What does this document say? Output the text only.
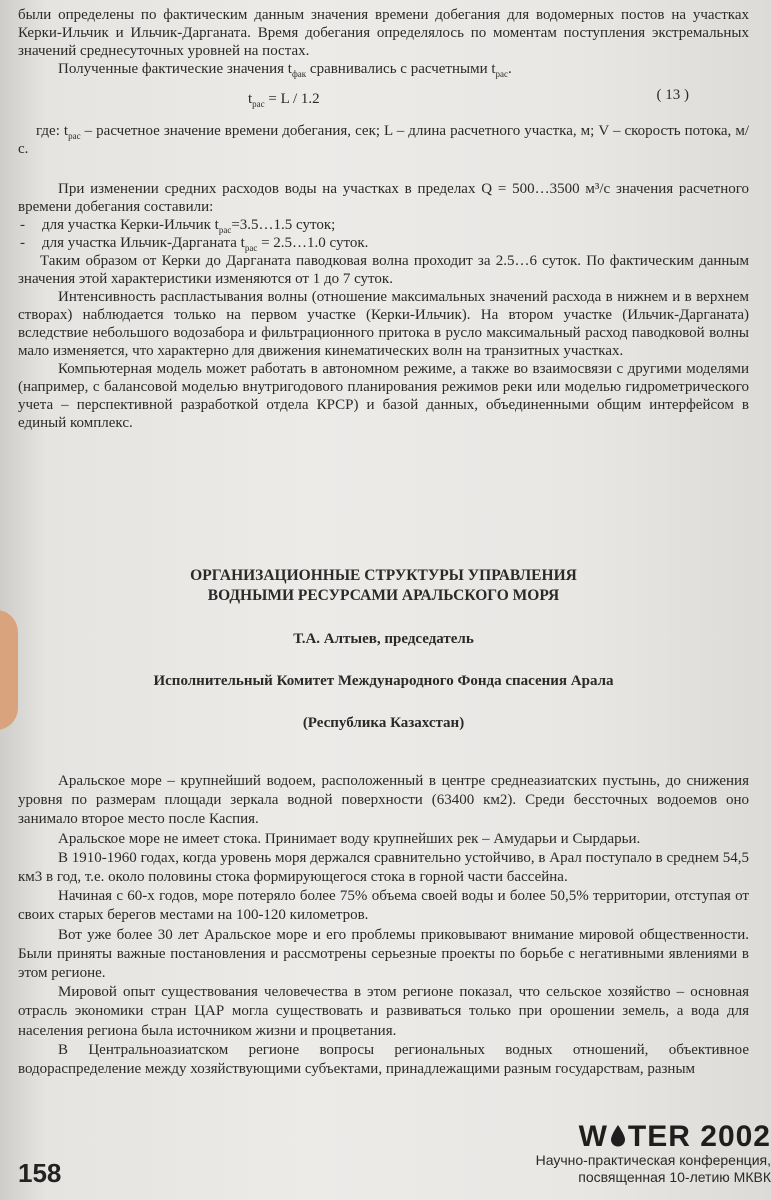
были определены по фактическим данным значения времени добегания для водомерных постов на участках Керки-Ильчик и Ильчик-Дарганата. Время добегания определялось по моментам поступления экстремальных значений среднесуточных уровней на постах.

Полученные фактические значения $t_{фак}$ сравнивались с расчетными $t_{рас}$.

$t_{рас} = L / 1.2$	( 13 )

где: $t_{рас}$ – расчетное значение времени добегания, сек; L – длина расчетного участка, м; V – скорость потока, м/с.

При изменении средних расходов воды на участках в пределах Q = 500…3500 м³/с значения расчетного времени добегания составили:

-	для участка Керки-Ильчик $t_{рас}=3.5\dots 1.5$ суток;
-	для участка Ильчик-Дарганата $t_{рас}$ = 2.5…1.0 суток.

Таким образом от Керки до Дарганата паводковая волна проходит за 2.5…6 суток. По фактическим данным значения этой характеристики изменяются от 1 до 7 суток.

Интенсивность распластывания волны (отношение максимальных значений расхода в нижнем и в верхнем створах) наблюдается только на первом участке (Керки-Ильчик). На втором участке (Ильчик-Дарганата) вследствие небольшого водозабора и фильтрационного притока в русло максимальный расход паводковой волны мало изменяется, что характерно для движения кинематических волн на транзитных участках.

Компьютерная модель может работать в автономном режиме, а также во взаимосвязи с другими моделями (например, с балансовой моделью внутригодового планирования режимов реки или моделью гидрометрического учета – перспективной разработкой отдела КРСР) и базой данных, объединенными общим интерфейсом в единый комплекс.

ОРГАНИЗАЦИОННЫЕ СТРУКТУРЫ УПРАВЛЕНИЯ
ВОДНЫМИ РЕСУРСАМИ АРАЛЬСКОГО МОРЯ
Т.А. Алтыев, председатель
Исполнительный Комитет Международного Фонда спасения Арала
(Республика Казахстан)

Аральское море – крупнейший водоем, расположенный в центре среднеазиатских пустынь, до снижения уровня по размерам площади зеркала водной поверхности (63400 км2). Среди бессточных водоемов оно занимало второе место после Каспия.

Аральское море не имеет стока. Принимает воду крупнейших рек – Амударьи и Сырдарьи.

В 1910-1960 годах, когда уровень моря держался сравнительно устойчиво, в Арал поступало в среднем 54,5 км3 в год, т.е. около половины стока формирующегося стока в горной части бассейна.

Начиная с 60-х годов, море потеряло более 75% объема своей воды и более 50,5% территории, отступая от своих старых берегов местами на 100-120 километров.

Вот уже более 30 лет Аральское море и его проблемы приковывают внимание мировой общественности. Были приняты важные постановления и рассмотрены серьезные проекты по борьбе с негативными явлениями в этом регионе.

Мировой опыт существования человечества в этом регионе показал, что сельское хозяйство – основная отрасль экономики стран ЦАР могла существовать и развиваться только при орошении земель, а вода для населения региона была источником жизни и процветания.

В Центральноазиатском регионе вопросы региональных водных отношений, объективное водораспределение между хозяйствующими субъектами, принадлежащими разным государствам, разным

158
W TER 2002
Научно-практическая конференция,
посвященная 10-летию МКВК
